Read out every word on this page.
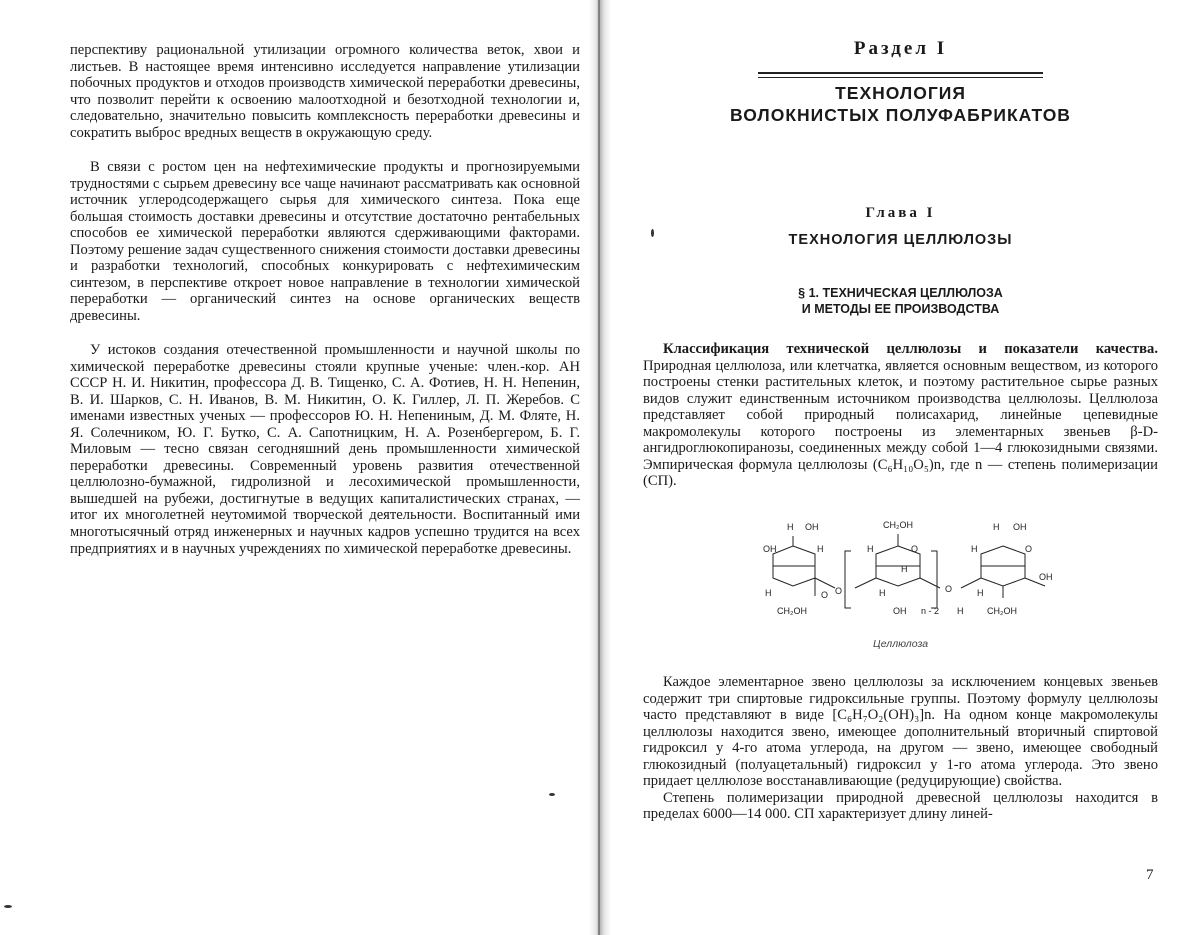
перспективу рациональной утилизации огромного количества веток, хвои и листьев. В настоящее время интенсивно исследуется направление утилизации побочных продуктов и отходов производств химической переработки древесины, что позволит перейти к освоению малоотходной и безотходной технологии и, следовательно, значительно повысить комплексность переработки древесины и сократить выброс вредных веществ в окружающую среду.

В связи с ростом цен на нефтехимические продукты и прогнозируемыми трудностями с сырьем древесину все чаще начинают рассматривать как основной источник углеродсодержащего сырья для химического синтеза. Пока еще большая стоимость доставки древесины и отсутствие достаточно рентабельных способов ее химической переработки являются сдерживающими факторами. Поэтому решение задач существенного снижения стоимости доставки древесины и разработки технологий, способных конкурировать с нефтехимическим синтезом, в перспективе откроет новое направление в технологии химической переработки — органический синтез на основе органических веществ древесины.

У истоков создания отечественной промышленности и научной школы по химической переработке древесины стояли крупные ученые: член.-кор. АН СССР Н. И. Никитин, профессора Д. В. Тищенко, С. А. Фотиев, Н. Н. Непенин, В. И. Шарков, С. Н. Иванов, В. М. Никитин, О. К. Гиллер, Л. П. Жеребов. С именами известных ученых — профессоров Ю. Н. Непениным, Д. М. Фляте, Н. Я. Солечником, Ю. Г. Бутко, С. А. Сапотницким, Н. А. Розенбергером, Б. Г. Миловым — тесно связан сегодняшний день промышленности химической переработки древесины. Современный уровень развития отечественной целлюлозно-бумажной, гидролизной и лесохимической промышленности, вышедшей на рубежи, достигнутые в ведущих капиталистических странах, — итог их многолетней неутомимой творческой деятельности. Воспитанный ими многотысячный отряд инженерных и научных кадров успешно трудится на всех предприятиях и в научных учреждениях по химической переработке древесины.

Раздел I
ТЕХНОЛОГИЯ
ВОЛОКНИСТЫХ ПОЛУФАБРИКАТОВ
Глава I
ТЕХНОЛОГИЯ ЦЕЛЛЮЛОЗЫ
§ 1. ТЕХНИЧЕСКАЯ ЦЕЛЛЮЛОЗА
И МЕТОДЫ ЕЕ ПРОИЗВОДСТВА

Классификация технической целлюлозы и показатели качества. Природная целлюлоза, или клетчатка, является основным веществом, из которого построены стенки растительных клеток, и поэтому растительное сырье разных видов служит единственным источником производства целлюлозы. Целлюлоза представляет собой природный полисахарид, линейные цепевидные макромолекулы которого построены из элементарных звеньев β-D-ангидроглюкопиранозы, соединенных между собой 1—4 глюкозидными связями. Эмпирическая формула целлюлозы (C₆H₁₀O₅)n, где n — степень полимеризации (СП).

H OH
OH	H
H	O
CH₂OH
O
CH₂OH
H	O
H
H
OH n - 2
O
H OH
H	O
OH
H
H	CH₂OH
Целлюлоза

Каждое элементарное звено целлюлозы за исключением концевых звеньев содержит три спиртовые гидроксильные группы. Поэтому формулу целлюлозы часто представляют в виде [C₆H₇O₂(OH)₃]n. На одном конце макромолекулы целлюлозы находится звено, имеющее дополнительный вторичный спиртовой гидроксил у 4-го атома углерода, на другом — звено, имеющее свободный глюкозидный (полуацетальный) гидроксил у 1-го атома углерода. Это звено придает целлюлозе восстанавливающие (редуцирующие) свойства.
Степень полимеризации природной древесной целлюлозы находится в пределах 6000—14 000. СП характеризует длину линей-

7
